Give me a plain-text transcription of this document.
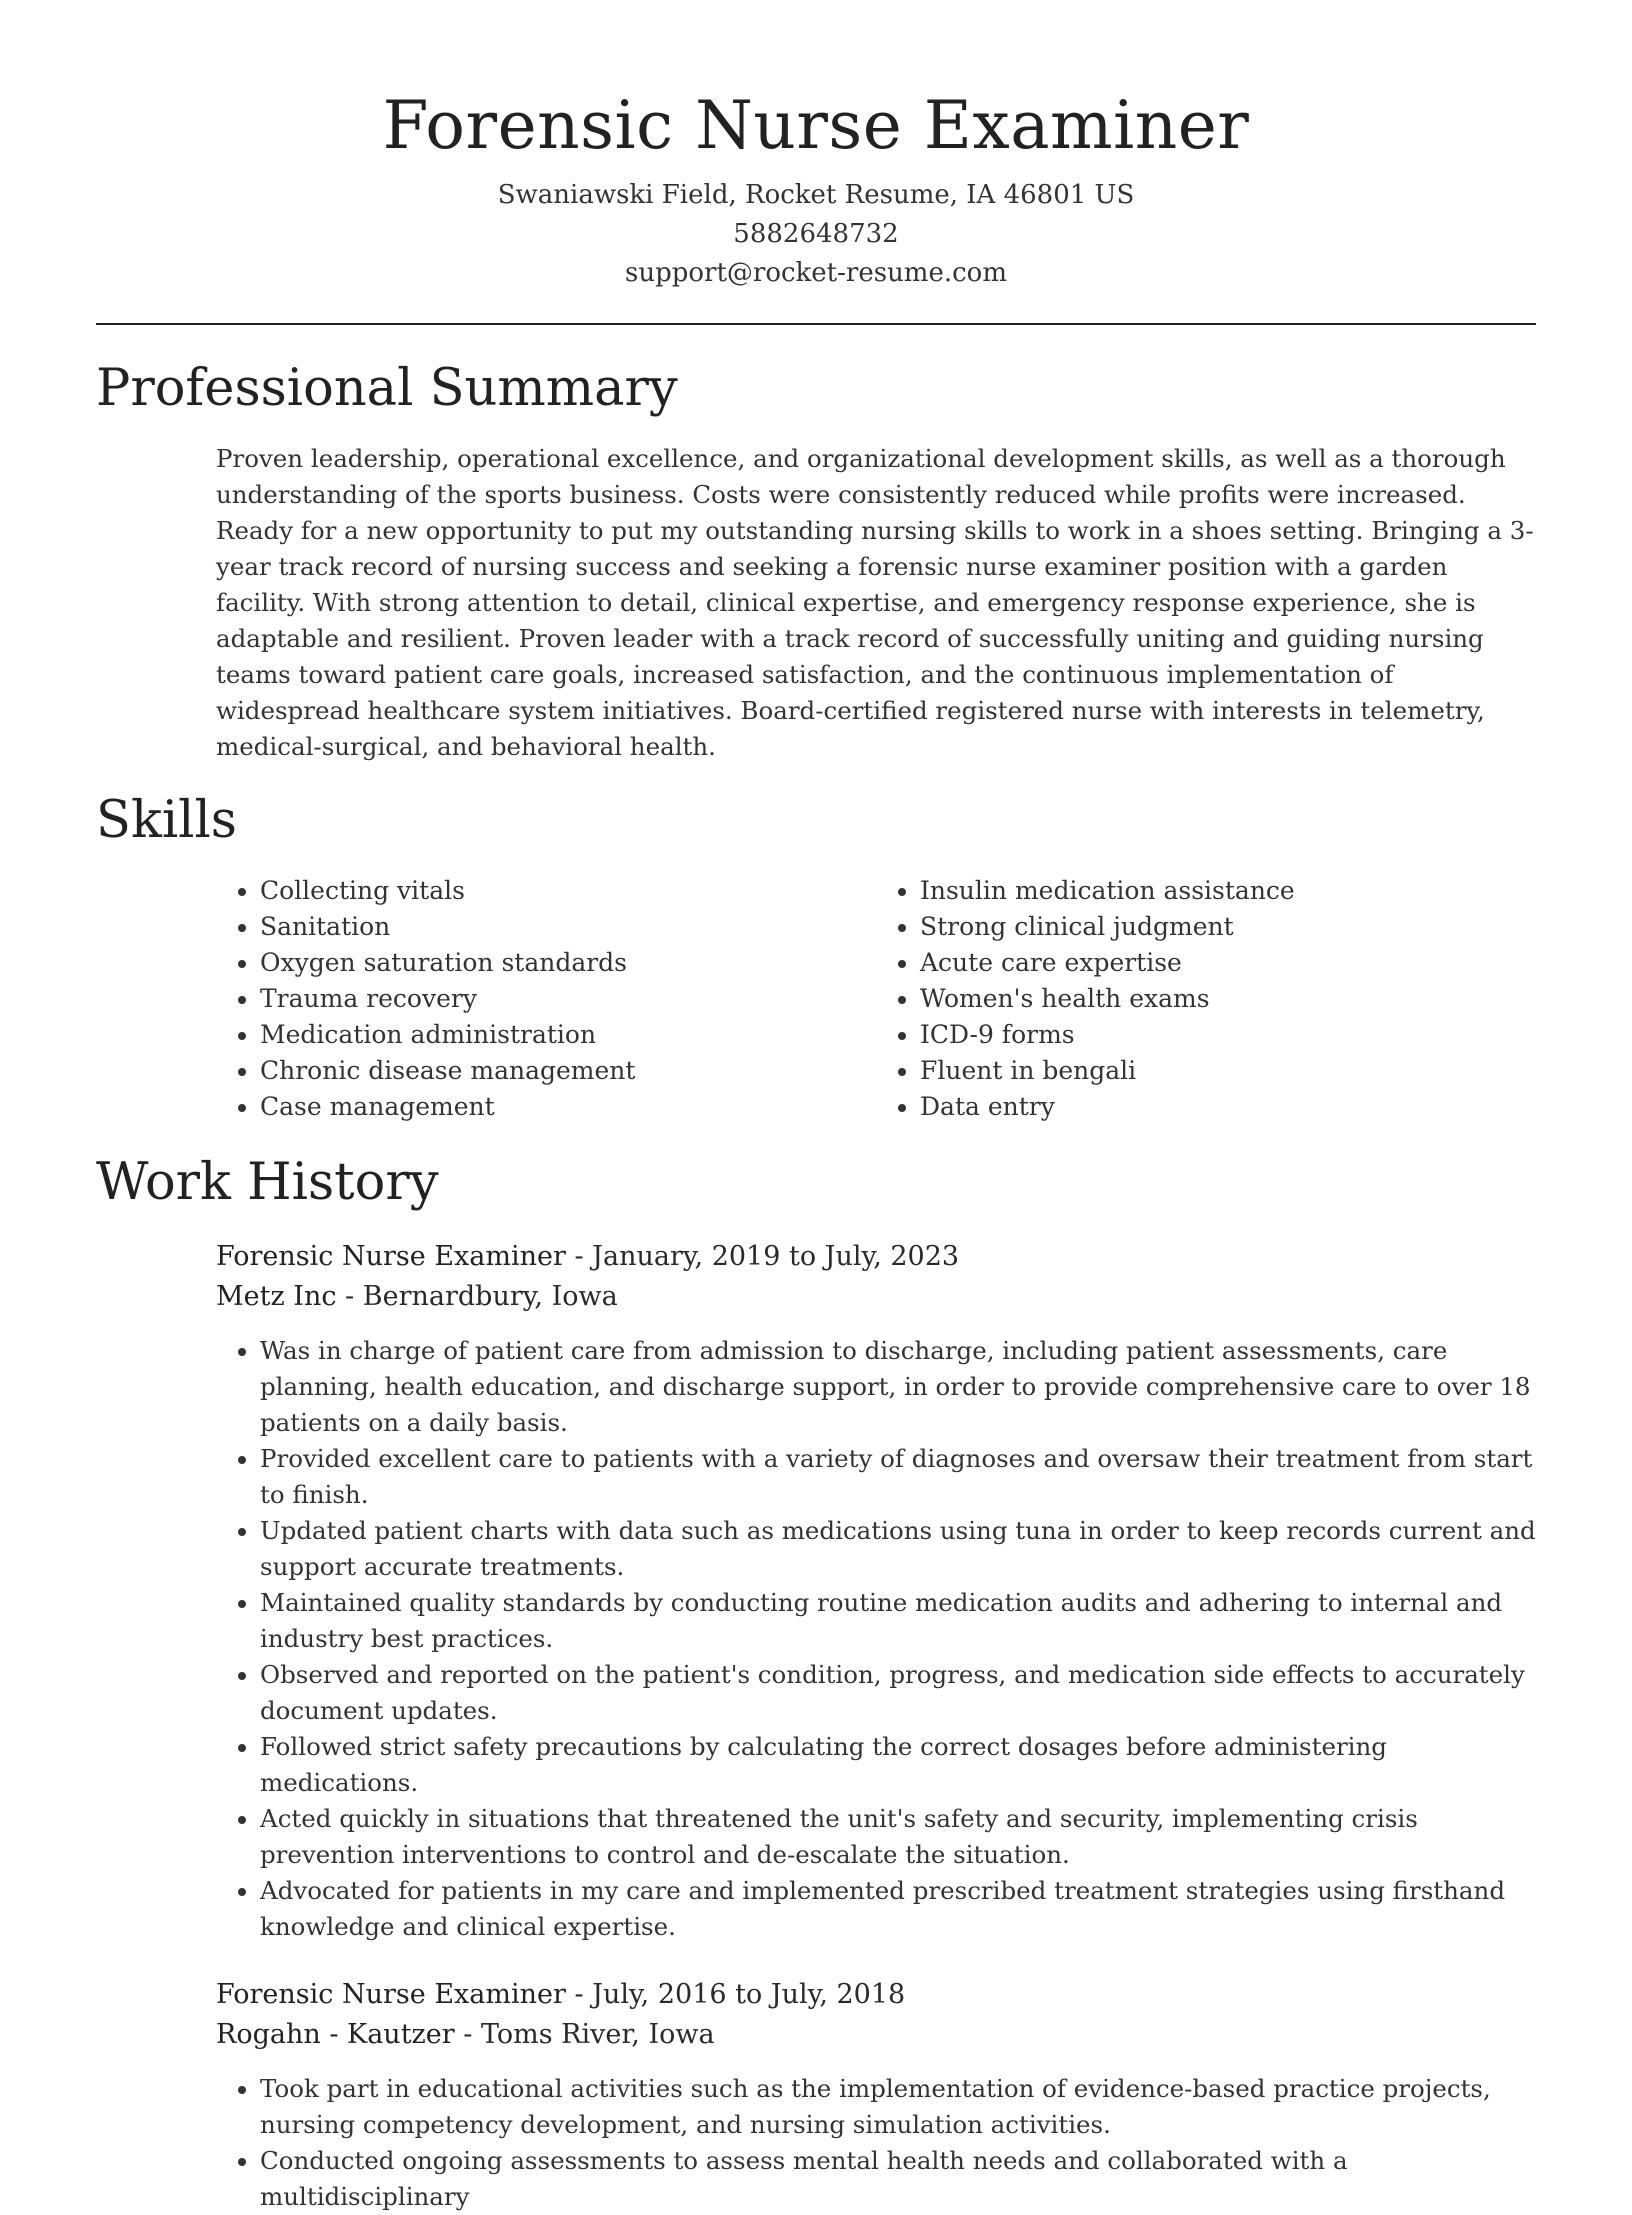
Forensic Nurse Examiner
Swaniawski Field, Rocket Resume, IA 46801 US
5882648732
support@rocket-resume.com
Professional Summary

Proven leadership, operational excellence, and organizational development skills, as well as a thorough understanding of the sports business. Costs were consistently reduced while profits were increased. Ready for a new opportunity to put my outstanding nursing skills to work in a shoes setting. Bringing a 3-year track record of nursing success and seeking a forensic nurse examiner position with a garden facility. With strong attention to detail, clinical expertise, and emergency response experience, she is adaptable and resilient. Proven leader with a track record of successfully uniting and guiding nursing teams toward patient care goals, increased satisfaction, and the continuous implementation of widespread healthcare system initiatives. Board-certified registered nurse with interests in telemetry, medical-surgical, and behavioral health.

Skills
• Collecting vitals
• Sanitation
• Oxygen saturation standards
• Trauma recovery
• Medication administration
• Chronic disease management
• Case management
• Insulin medication assistance
• Strong clinical judgment
• Acute care expertise
• Women's health exams
• ICD-9 forms
• Fluent in bengali
• Data entry
Work History
Forensic Nurse Examiner - January, 2019 to July, 2023
Metz Inc - Bernardbury, Iowa
• Was in charge of patient care from admission to discharge, including patient assessments, care planning, health education, and discharge support, in order to provide comprehensive care to over 18 patients on a daily basis.
• Provided excellent care to patients with a variety of diagnoses and oversaw their treatment from start to finish.
• Updated patient charts with data such as medications using tuna in order to keep records current and support accurate treatments.
• Maintained quality standards by conducting routine medication audits and adhering to internal and industry best practices.
• Observed and reported on the patient's condition, progress, and medication side effects to accurately document updates.
• Followed strict safety precautions by calculating the correct dosages before administering medications.
• Acted quickly in situations that threatened the unit's safety and security, implementing crisis prevention interventions to control and de-escalate the situation.
• Advocated for patients in my care and implemented prescribed treatment strategies using firsthand knowledge and clinical expertise.
Forensic Nurse Examiner - July, 2016 to July, 2018
Rogahn - Kautzer - Toms River, Iowa
• Took part in educational activities such as the implementation of evidence-based practice projects, nursing competency development, and nursing simulation activities.
• Conducted ongoing assessments to assess mental health needs and collaborated with a multidisciplinary
